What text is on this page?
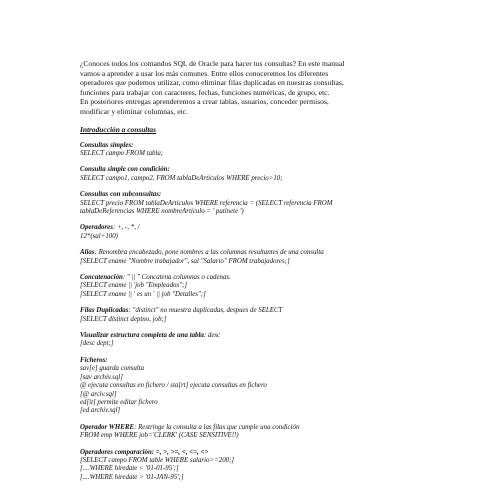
¿Conoces todos los comandos SQL de Oracle para hacer tus consultas? En este manual

vamos a aprender a usar los más comunes. Entre ellos conoceremos los diferentes

operadores que podemos utilizar, como eliminar filas duplicadas en nuestras consultas,

funciones para trabajar con caracteres, fechas, funciones numéricas, de grupo, etc.

En posteriores entregas aprenderemos a crear tablas, usuarios, conceder permisos,

modificar y eliminar columnas, etc.

Introducción a consultas
Consultas simples:
SELECT campo FROM tabla;
Consulta simple con condición:
SELECT campo1, campo2, FROM tablaDeArticulos WHERE precio>10;
Consultas con subconsultas:
SELECT precio FROM tablaDeArticulos WHERE referencia = (SELECT referencia FROM
tablaDeReferencias WHERE nombreArticulo = ' patinete ')
Operadores: +, -, *, /
12*(sal+100)
Alias: Renombra encabezado, pone nombres a las columnas resultantes de una consulta
[SELECT ename "Nombre trabajador", sal "Salario" FROM trabajadores;]
Concatenación: " || " Concatena columnas o cadenas.
[SELECT ename || 'job "Empleados";]
[SELECT ename || ' es un ' || job "Detalles";]
Filas Duplicadas: "distinct" no muestra duplicadas, despues de SELECT
[SELECT distinct deptno, job;]
Visualizar estructura completa de una tabla: desc
[desc dept;]
Ficheros:
sav[e] guarda consulta
[sav archiv.sql]
@ ejecuta consultas en fichero / sta[rt] ejecuta consultas en fichero
[@ arciv.sql]
ed[it] permite editar fichero
[ed archiv.sql]
Operador WHERE: Restringe la consulta a las filas que cumple una condición
FROM emp WHERE job='CLERK' (CASE SENSITIVE!!)
Operadores comparación: =, >, >=, <, <=, <>
[SELECT campo FROM table WHERE salario>=200;]
[....WHERE hiredate < '01-01-95';]
[....WHERE hiredate > '01-JAN-95';]
